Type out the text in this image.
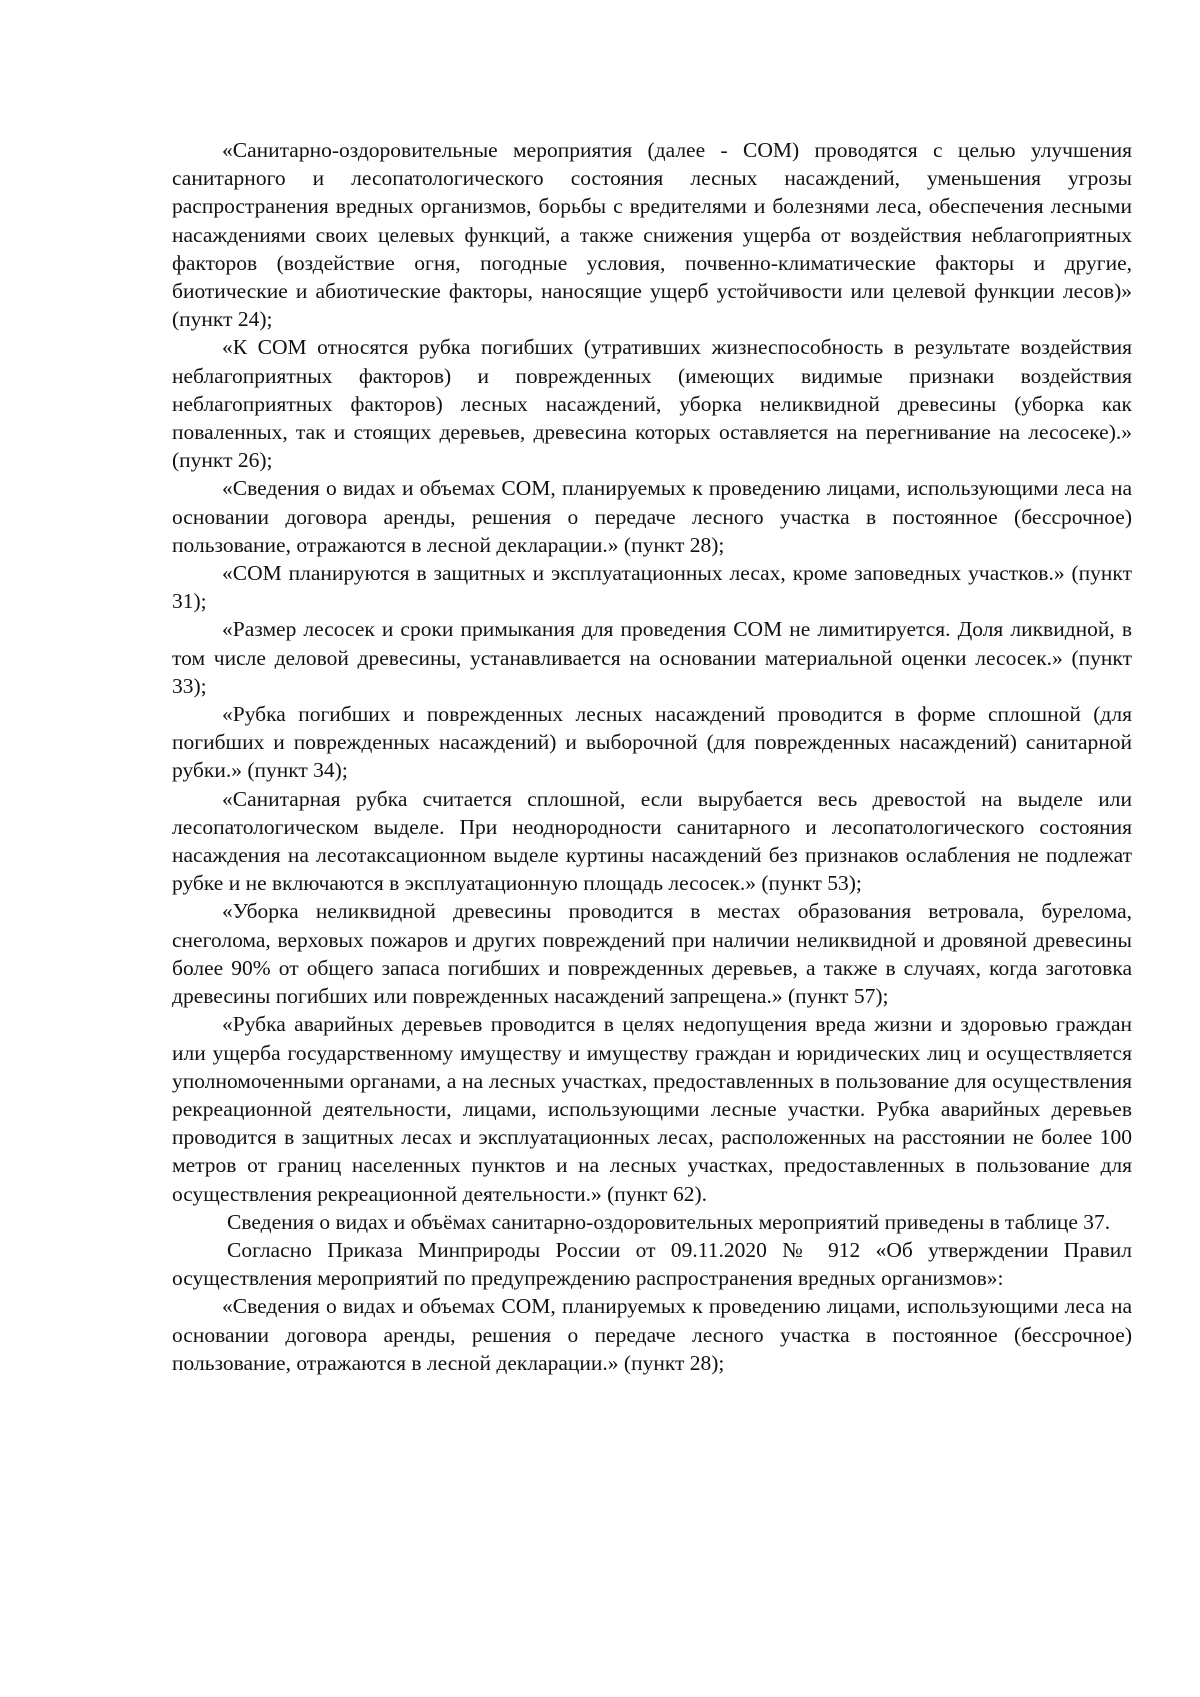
«Санитарно-оздоровительные мероприятия (далее - СОМ) проводятся с целью улучшения санитарного и лесопатологического состояния лесных насаждений, уменьшения угрозы распространения вредных организмов, борьбы с вредителями и болезнями леса, обеспечения лесными насаждениями своих целевых функций, а также снижения ущерба от воздействия неблагоприятных факторов (воздействие огня, погодные условия, почвенно-климатические факторы и другие, биотические и абиотические факторы, наносящие ущерб устойчивости или целевой функции лесов)» (пункт 24);

«К СОМ относятся рубка погибших (утративших жизнеспособность в результате воздействия неблагоприятных факторов) и поврежденных (имеющих видимые признаки воздействия неблагоприятных факторов) лесных насаждений, уборка неликвидной древесины (уборка как поваленных, так и стоящих деревьев, древесина которых оставляется на перегнивание на лесосеке).» (пункт 26);

«Сведения о видах и объемах СОМ, планируемых к проведению лицами, использующими леса на основании договора аренды, решения о передаче лесного участка в постоянное (бессрочное) пользование, отражаются в лесной декларации.» (пункт 28);

«СОМ планируются в защитных и эксплуатационных лесах, кроме заповедных участков.» (пункт 31);

«Размер лесосек и сроки примыкания для проведения СОМ не лимитируется. Доля ликвидной, в том числе деловой древесины, устанавливается на основании материальной оценки лесосек.» (пункт 33);

«Рубка погибших и поврежденных лесных насаждений проводится в форме сплошной (для погибших и поврежденных насаждений) и выборочной (для поврежденных насаждений) санитарной рубки.» (пункт 34);

«Санитарная рубка считается сплошной, если вырубается весь древостой на выделе или лесопатологическом выделе. При неоднородности санитарного и лесопатологического состояния насаждения на лесотаксационном выделе куртины насаждений без признаков ослабления не подлежат рубке и не включаются в эксплуатационную площадь лесосек.» (пункт 53);

«Уборка неликвидной древесины проводится в местах образования ветровала, бурелома, снеголома, верховых пожаров и других повреждений при наличии неликвидной и дровяной древесины более 90% от общего запаса погибших и поврежденных деревьев, а также в случаях, когда заготовка древесины погибших или поврежденных насаждений запрещена.» (пункт 57);

«Рубка аварийных деревьев проводится в целях недопущения вреда жизни и здоровью граждан или ущерба государственному имуществу и имуществу граждан и юридических лиц и осуществляется уполномоченными органами, а на лесных участках, предоставленных в пользование для осуществления рекреационной деятельности, лицами, использующими лесные участки. Рубка аварийных деревьев проводится в защитных лесах и эксплуатационных лесах, расположенных на расстоянии не более 100 метров от границ населенных пунктов и на лесных участках, предоставленных в пользование для осуществления рекреационной деятельности.» (пункт 62).

Сведения о видах и объёмах санитарно-оздоровительных мероприятий приведены в таблице 37.

Согласно Приказа Минприроды России от 09.11.2020 № 912 «Об утверждении Правил осуществления мероприятий по предупреждению распространения вредных организмов»:

«Сведения о видах и объемах СОМ, планируемых к проведению лицами, использующими леса на основании договора аренды, решения о передаче лесного участка в постоянное (бессрочное) пользование, отражаются в лесной декларации.» (пункт 28);
